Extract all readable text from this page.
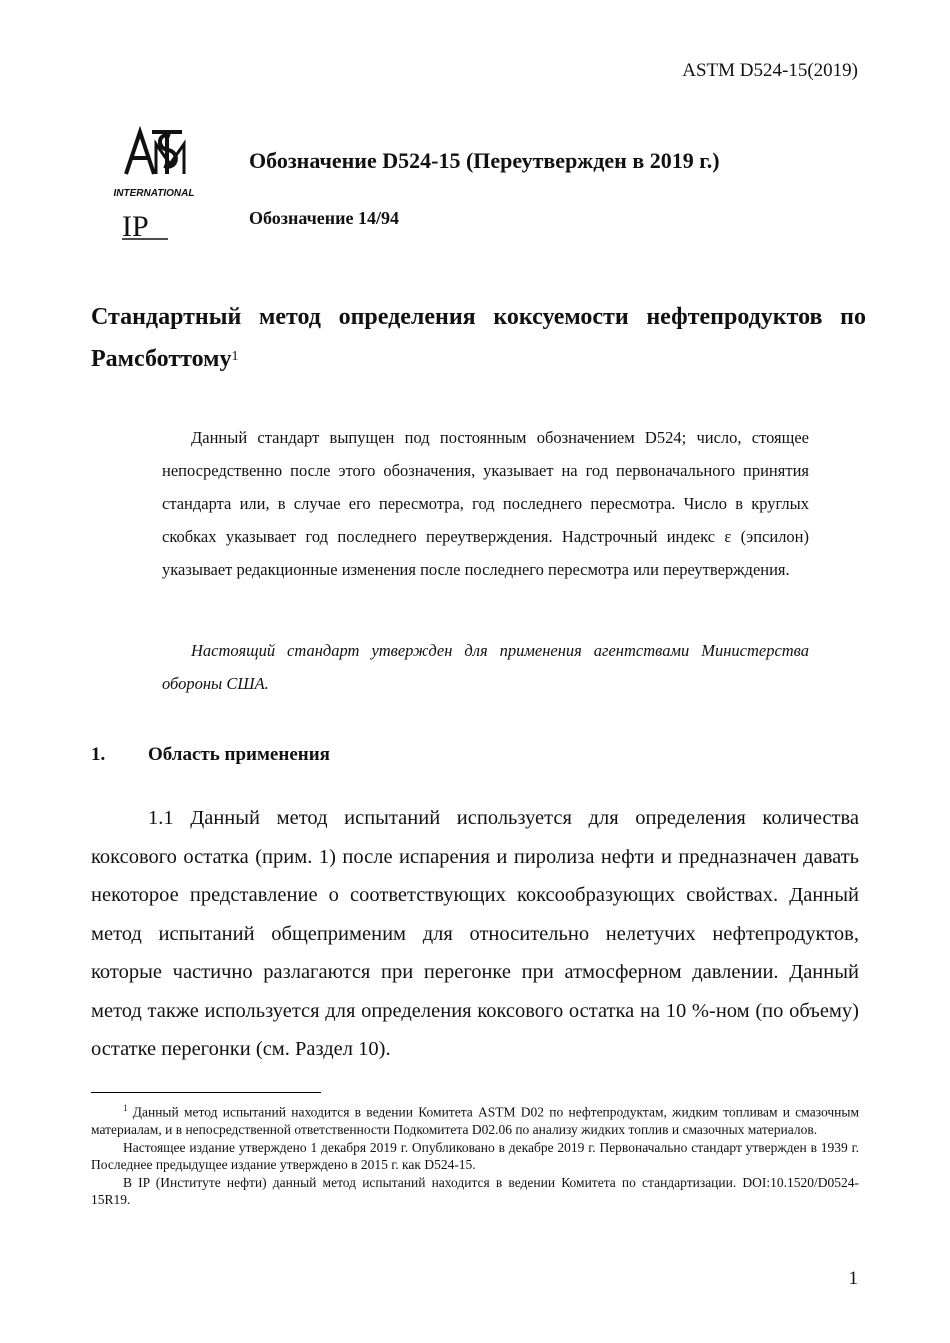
ASTM D524-15(2019)
INTERNATIONAL
IP
Обозначение D524-15 (Переутвержден в 2019 г.)
Обозначение 14/94
Стандартный метод определения коксуемости нефтепродуктов по Рамсботтому$^1$
Данный стандарт выпущен под постоянным обозначением D524; число, стоящее непосредственно после этого обозначения, указывает на год первоначального принятия стандарта или, в случае его пересмотра, год последнего пересмотра. Число в круглых скобках указывает год последнего переутверждения. Надстрочный индекс ε (эпсилон) указывает редакционные изменения после последнего пересмотра или переутверждения.
Настоящий стандарт утвержден для применения агентствами Министерства обороны США.
1. Область применения
1.1 Данный метод испытаний используется для определения количества коксового остатка (прим. 1) после испарения и пиролиза нефти и предназначен давать некоторое представление о соответствующих коксообразующих свойствах. Данный метод испытаний общеприменим для относительно нелетучих нефтепродуктов, которые частично разлагаются при перегонке при атмосферном давлении. Данный метод также используется для определения коксового остатка на 10 %-ном (по объему) остатке перегонки (см. Раздел 10).

$^1$ Данный метод испытаний находится в ведении Комитета ASTM D02 по нефтепродуктам, жидким топливам и смазочным материалам, и в непосредственной ответственности Подкомитета D02.06 по анализу жидких топлив и смазочных материалов.

Настоящее издание утверждено 1 декабря 2019 г. Опубликовано в декабре 2019 г. Первоначально стандарт утвержден в 1939 г. Последнее предыдущее издание утверждено в 2015 г. как D524-15.

В IP (Институте нефти) данный метод испытаний находится в ведении Комитета по стандартизации. DOI:10.1520/D0524-15R19.

1
